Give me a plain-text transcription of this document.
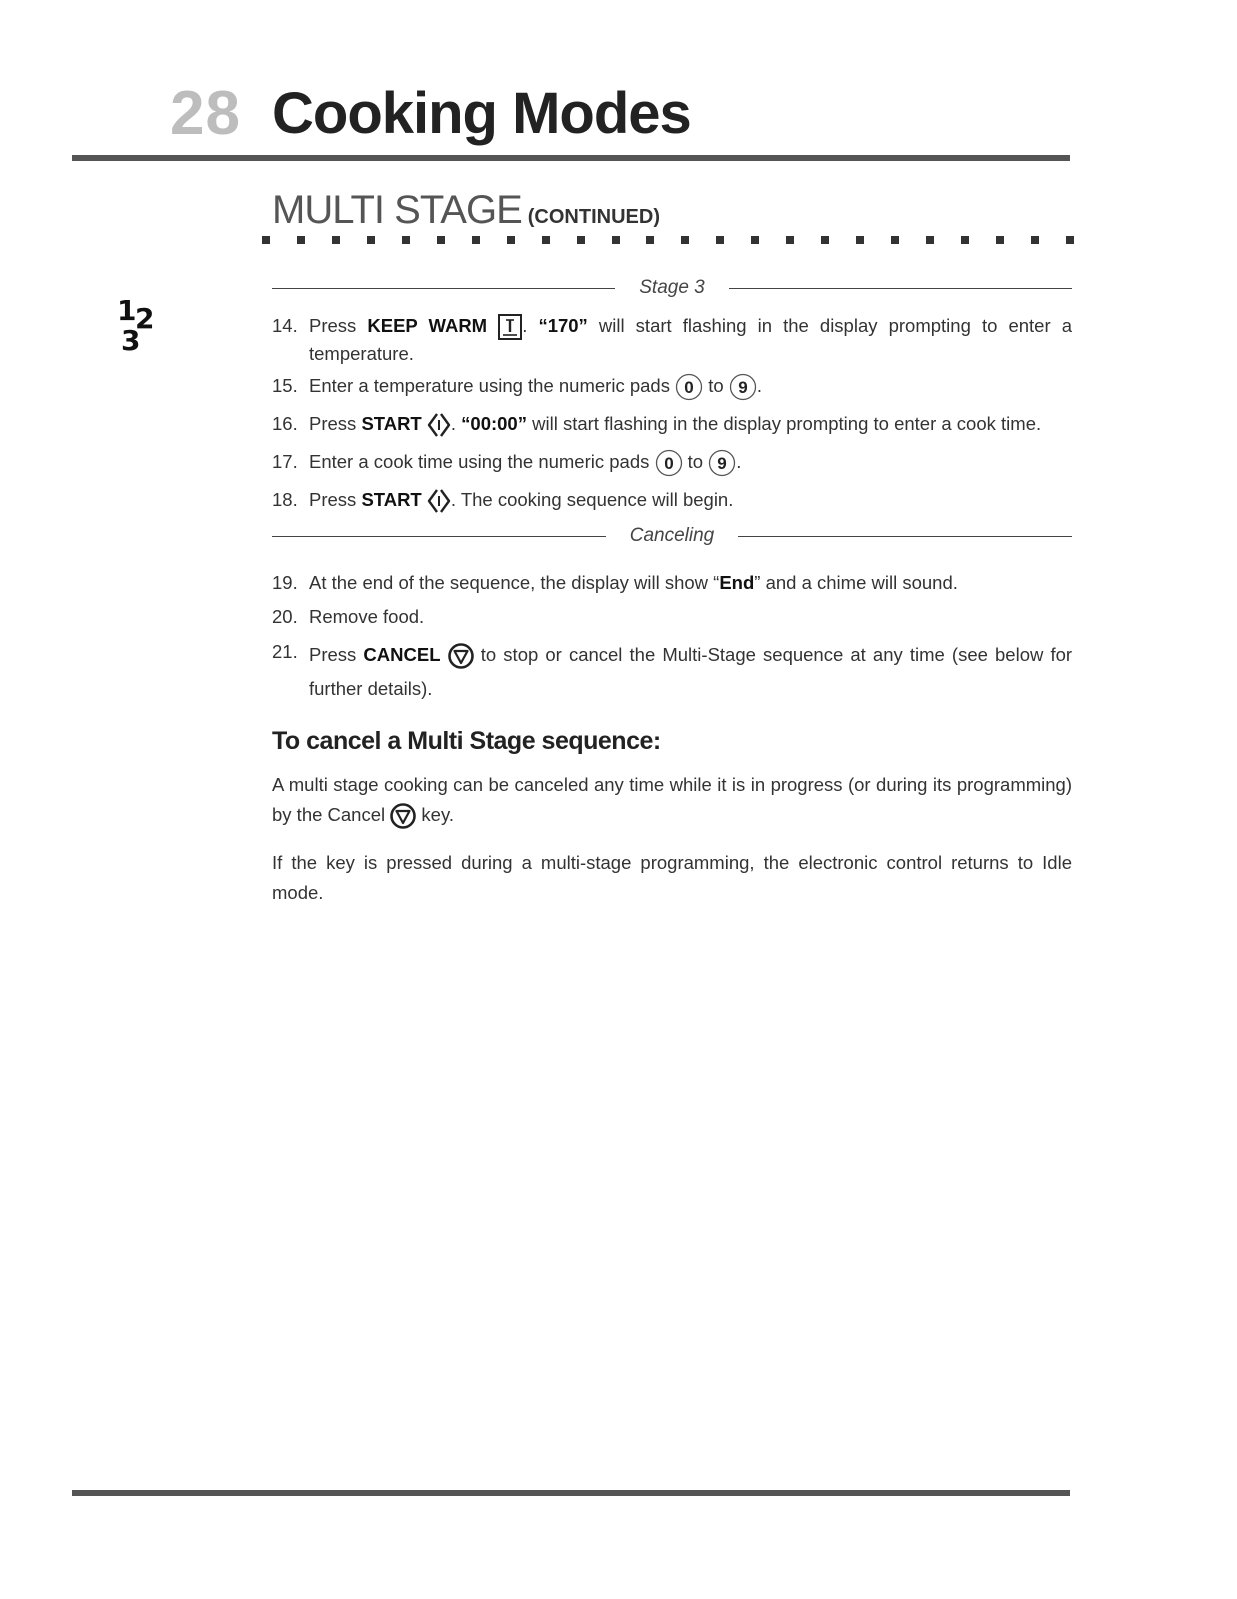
28 Cooking Modes
MULTI STAGE (CONTINUED)
1
2
3
Stage 3
14. Press KEEP WARM . “170” will start flashing in the display prompting to enter a temperature.
15. Enter a temperature using the numeric pads 0 to 9 .
16. Press START . “00:00” will start flashing in the display prompting to enter a cook time.
17. Enter a cook time using the numeric pads 0 to 9 .
18. Press START . The cooking sequence will begin.
Canceling
19. At the end of the sequence, the display will show “End” and a chime will sound.
20. Remove food.
21. Press CANCEL to stop or cancel the Multi-Stage sequence at any time (see below for further details).
To cancel a Multi Stage sequence:
A multi stage cooking can be canceled any time while it is in progress (or during its programming) by the Cancel
key.
If the key is pressed during a multi-stage programming, the electronic control returns to Idle mode.
